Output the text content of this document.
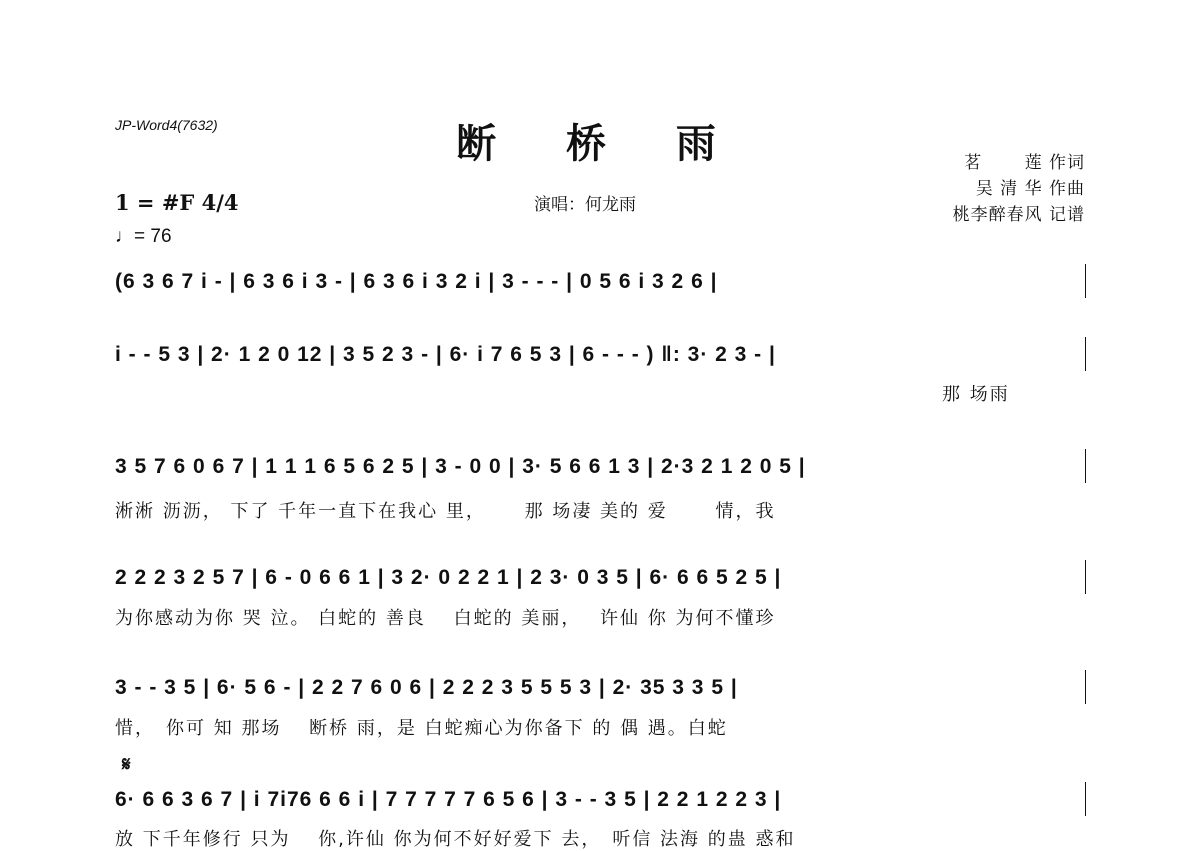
JP-Word4(7632)	断 桥 雨
演唱：何龙雨
茗　　 莲 作词
吴 清 华 作曲
桃李醉春风 记谱
1 = #F 4/4
♩= 76
(6 3 6 7 i - | 6 3 6 i 3 - | 6 3 6 i 3 2 i | 3 - - - | 0 5 6 i 3 2 6 |
i - - 5 3 | 2· 1 2 0 12 | 3 5 2 3 - | 6· i 7 6 5 3 | 6 - - - ) ‖: 3· 2 3 - |
那 场雨
3 5 7 6 0 6 7 | 1 1 1 6 5 6 2 5 | 3 - 0 0 | 3· 5 6 6 1 3 | 2·3 2 1 2 0 5 |
淅淅 沥沥， 下了 千年一直下在我心 里，　　 那 场凄 美的 爱　　 情，我
2 2 2 3 2 5 7 | 6 - 0 6 6 1 | 3 2· 0 2 2 1 | 2 3· 0 3 5 | 6· 6 6 5 2 5 |
为你感动为你 哭 泣。 白蛇的 善良　 白蛇的 美丽，　 许仙 你 为何不懂珍
3 - - 3 5 | 6· 5 6 - | 2 2 7 6 0 6 | 2 2 2 3 5 5 5 3 | 2· 35 3 3 5 |
惜，　你可 知 那场　 断桥 雨，是 白蛇痴心为你备下 的 偶 遇。白蛇
𝄋
6· 6 6 3 6 7 | i 7i76 6 6 i | 7 7 7 7 7 6 5 6 | 3 - - 3 5 | 2 2 1 2 2 3 |
放 下千年修行 只为　 你,许仙 你为何不好好爱下 去，　听信 法海 的蛊 惑和
